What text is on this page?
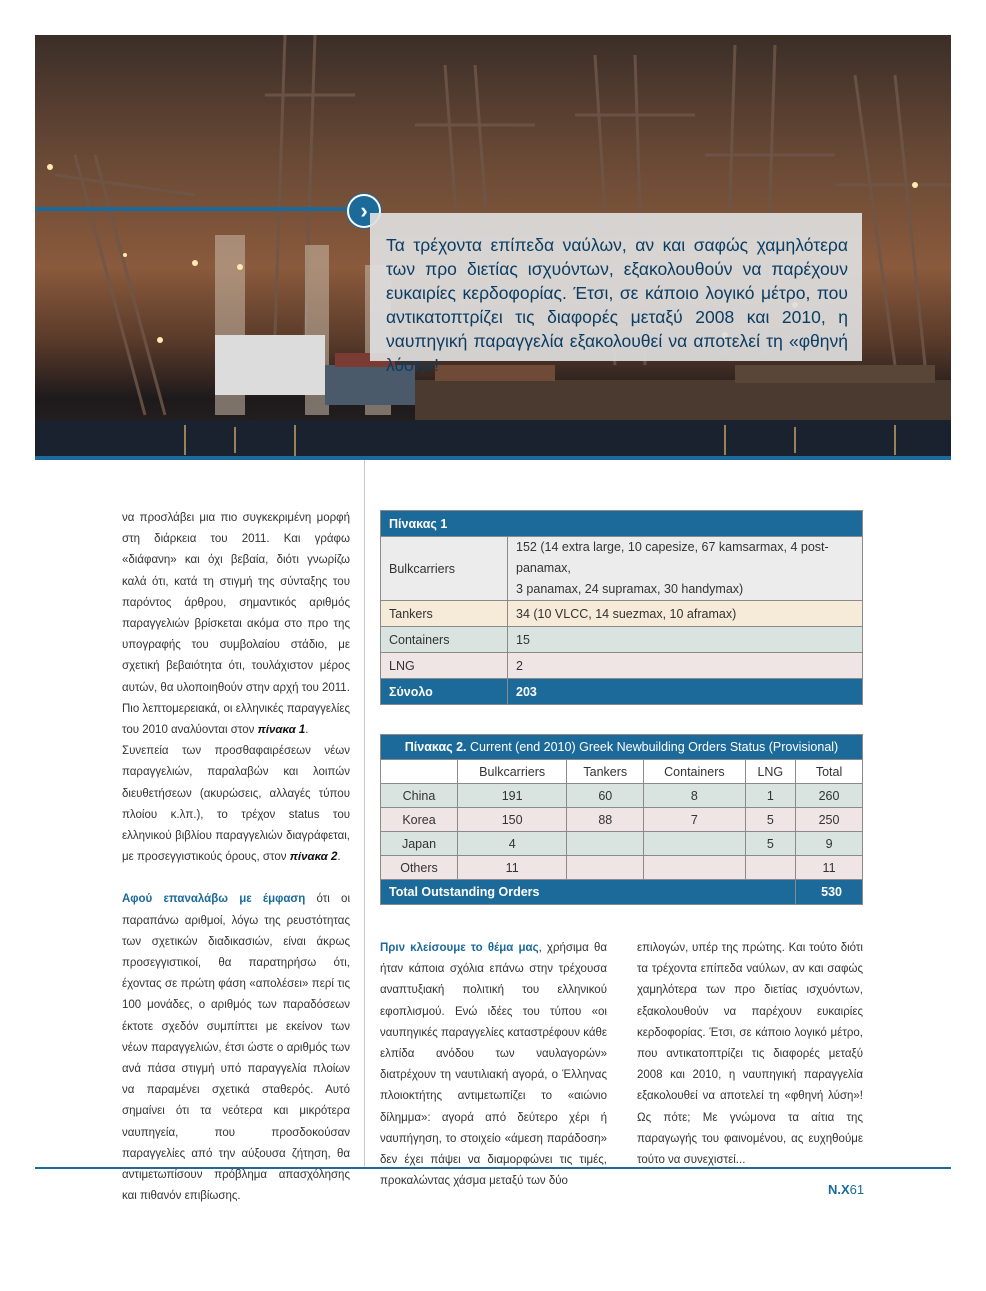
›

Τα τρέχοντα επίπεδα ναύλων, αν και σαφώς χαμηλότερα των προ διετίας ισχυόντων, εξακολουθούν να παρέχουν ευκαιρίες κερδοφορίας. Έτσι, σε κάποιο λογικό μέτρο, που αντικατοπτρίζει τις διαφορές μεταξύ 2008 και 2010, η ναυπηγική παραγγελία εξακολουθεί να αποτελεί τη «φθηνή λύση»!

να προσλάβει μια πιο συγκεκριμένη μορφή στη διάρκεια του 2011. Και γράφω «διάφανη» και όχι βεβαία, διότι γνωρίζω καλά ότι, κατά τη στιγμή της σύνταξης του παρόντος άρθρου, σημαντικός αριθμός παραγγελιών βρίσκεται ακόμα στο προ της υπογραφής του συμβολαίου στάδιο, με σχετική βεβαιότητα ότι, τουλάχιστον μέρος αυτών, θα υλοποιηθούν στην αρχή του 2011.

Πιο λεπτομερειακά, οι ελληνικές παραγγελίες του 2010 αναλύονται στον πίνακα 1.

Συνεπεία των προσθαφαιρέσεων νέων παραγγελιών, παραλαβών και λοιπών διευθετήσεων (ακυρώσεις, αλλαγές τύπου πλοίου κ.λπ.), το τρέχον status του ελληνικού βιβλίου παραγγελιών διαγράφεται, με προσεγγιστικούς όρους, στον πίνακα 2.

Αφού επαναλάβω με έμφαση ότι οι παραπάνω αριθμοί, λόγω της ρευστότητας των σχετικών διαδικασιών, είναι άκρως προσεγγιστικοί, θα παρατηρήσω ότι, έχοντας σε πρώτη φάση «απολέσει» περί τις 100 μονάδες, ο αριθμός των παραδόσεων έκτοτε σχεδόν συμπίπτει με εκείνον των νέων παραγγελιών, έτσι ώστε ο αριθμός των ανά πάσα στιγμή υπό παραγγελία πλοίων να παραμένει σχετικά σταθερός. Αυτό σημαίνει ότι τα νεότερα και μικρότερα ναυπηγεία, που προσδοκούσαν παραγγελίες από την αύξουσα ζήτηση, θα αντιμετωπίσουν πρόβλημα απασχόλησης και πιθανόν επιβίωσης.

Πίνακας 1	
Bulkcarriers	152 (14 extra large, 10 capesize, 67 kamsarmax, 4 post-panamax,
3 panamax, 24 supramax, 30 handymax)
Tankers	34 (10 VLCC, 14 suezmax, 10 aframax)
Containers	15
LNG	2
Σύνολο	203
Πίνακας 2. Current (end 2010) Greek Newbuilding Orders Status (Provisional)					
	Bulkcarriers	Tankers	Containers	LNG	Total
China	191	60	8	1	260
Korea	150	88	7	5	250
Japan	4			5	9
Others	11				11
Total Outstanding Orders					530

Πριν κλείσουμε το θέμα μας, χρήσιμα θα ήταν κάποια σχόλια επάνω στην τρέχουσα αναπτυξιακή πολιτική του ελληνικού εφοπλισμού. Ενώ ιδέες του τύπου «οι ναυπηγικές παραγγελίες καταστρέφουν κάθε ελπίδα ανόδου των ναυλαγορών» διατρέχουν τη ναυτιλιακή αγορά, ο Έλληνας πλοιοκτήτης αντιμετωπίζει το «αιώνιο δίλημμα»: αγορά από δεύτερο χέρι ή ναυπήγηση, το στοιχείο «άμεση παράδοση» δεν έχει πάψει να διαμορφώνει τις τιμές, προκαλώντας χάσμα μεταξύ των δύο

επιλογών, υπέρ της πρώτης. Και τούτο διότι τα τρέχοντα επίπεδα ναύλων, αν και σαφώς χαμηλότερα των προ διετίας ισχυόντων, εξακολουθούν να παρέχουν ευκαιρίες κερδοφορίας. Έτσι, σε κάποιο λογικό μέτρο, που αντικατοπτρίζει τις διαφορές μεταξύ 2008 και 2010, η ναυπηγική παραγγελία εξακολουθεί να αποτελεί τη «φθηνή λύση»! Ως πότε; Με γνώμονα τα αίτια της παραγωγής του φαινομένου, ας ευχηθούμε τούτο να συνεχιστεί...

N.X61
